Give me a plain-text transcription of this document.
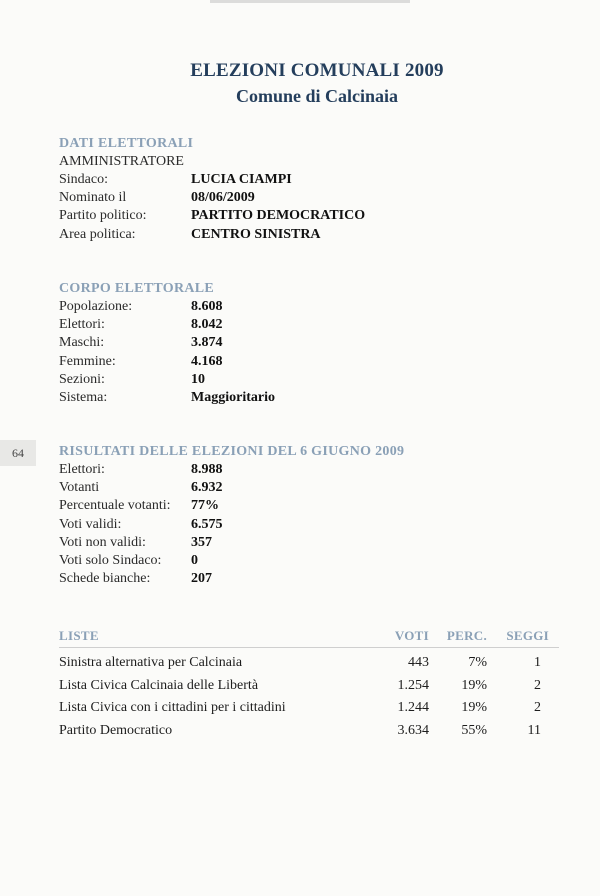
ELEZIONI COMUNALI 2009
Comune di Calcinaia
64
DATI ELETTORALI
AMMINISTRATORE
Sindaco:	LUCIA CIAMPI
Nominato il	08/06/2009
Partito politico:	PARTITO DEMOCRATICO
Area politica:	CENTRO SINISTRA
CORPO ELETTORALE
Popolazione:	8.608
Elettori:	8.042
Maschi:	3.874
Femmine:	4.168
Sezioni:	10
Sistema:	Maggioritario
RISULTATI DELLE ELEZIONI DEL 6 GIUGNO 2009
Elettori:	8.988
Votanti	6.932
Percentuale votanti:	77%
Voti validi:	6.575
Voti non validi:	357
Voti solo Sindaco:	0
Schede bianche:	207
LISTE	VOTI	PERC.	SEGGI
Sinistra alternativa per Calcinaia	443	7%	1
Lista Civica Calcinaia delle Libertà	1.254	19%	2
Lista Civica con i cittadini per i cittadini	1.244	19%	2
Partito Democratico	3.634	55%	11
